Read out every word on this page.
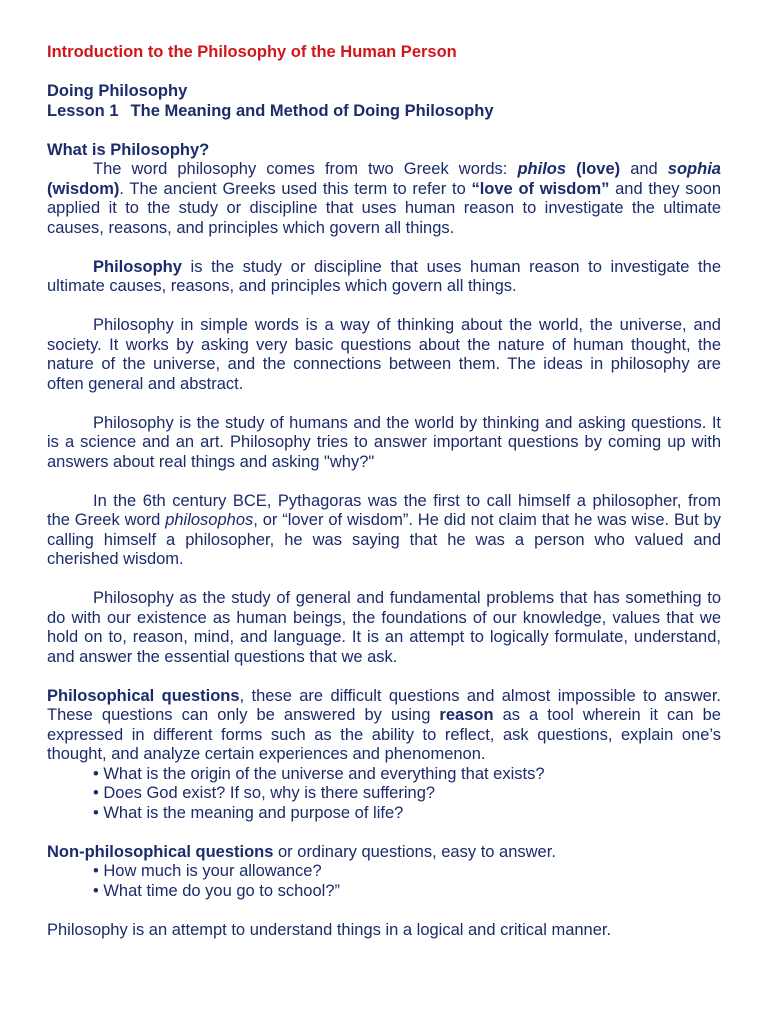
Introduction to the Philosophy of the Human Person

Doing Philosophy

Lesson 1 The Meaning and Method of Doing Philosophy

What is Philosophy?

The word philosophy comes from two Greek words: philos (love) and sophia (wisdom). The ancient Greeks used this term to refer to “love of wisdom” and they soon applied it to the study or discipline that uses human reason to investigate the ultimate causes, reasons, and principles which govern all things.

Philosophy is the study or discipline that uses human reason to investigate the ultimate causes, reasons, and principles which govern all things.

Philosophy in simple words is a way of thinking about the world, the universe, and society. It works by asking very basic questions about the nature of human thought, the nature of the universe, and the connections between them. The ideas in philosophy are often general and abstract.

Philosophy is the study of humans and the world by thinking and asking questions. It is a science and an art. Philosophy tries to answer important questions by coming up with answers about real things and asking "why?"

In the 6th century BCE, Pythagoras was the first to call himself a philosopher, from the Greek word philosophos, or “lover of wisdom”. He did not claim that he was wise. But by calling himself a philosopher, he was saying that he was a person who valued and cherished wisdom.

Philosophy as the study of general and fundamental problems that has something to do with our existence as human beings, the foundations of our knowledge, values that we hold on to, reason, mind, and language. It is an attempt to logically formulate, understand, and answer the essential questions that we ask.

Philosophical questions, these are difficult questions and almost impossible to answer. These questions can only be answered by using reason as a tool wherein it can be expressed in different forms such as the ability to reflect, ask questions, explain one’s thought, and analyze certain experiences and phenomenon.

• What is the origin of the universe and everything that exists?
• Does God exist? If so, why is there suffering?
• What is the meaning and purpose of life?

Non-philosophical questions or ordinary questions, easy to answer.

• How much is your allowance?
• What time do you go to school?”

Philosophy is an attempt to understand things in a logical and critical manner.
